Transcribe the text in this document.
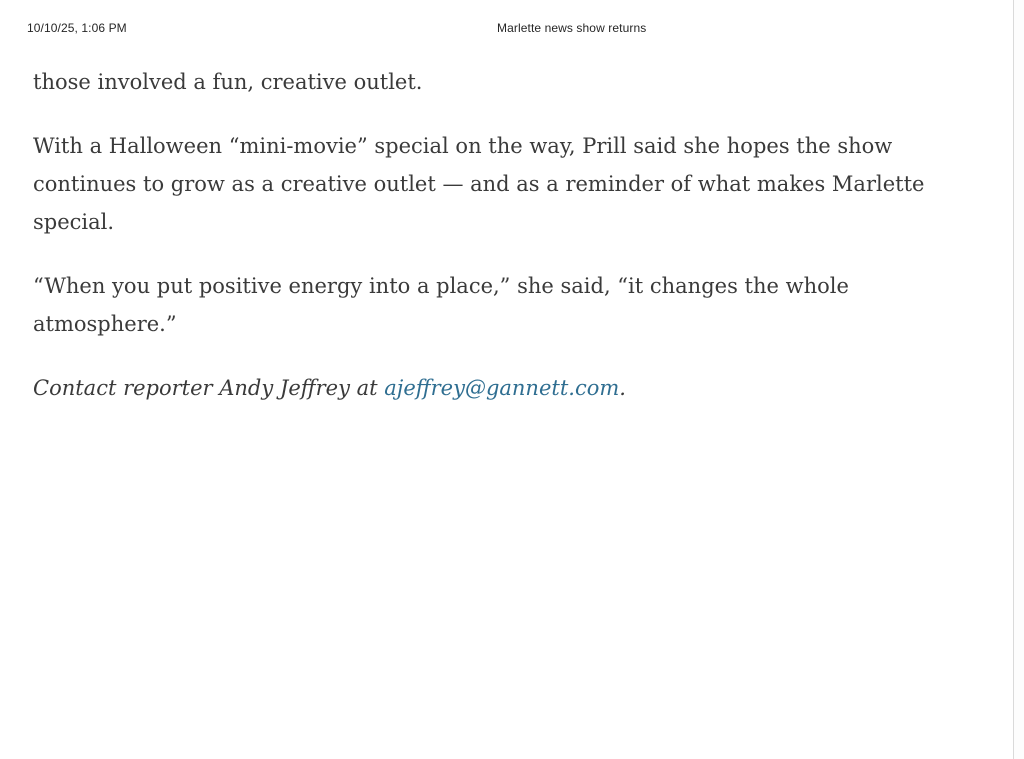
10/10/25, 1:06 PM	Marlette news show returns

those involved a fun, creative outlet.

With a Halloween “mini-movie” special on the way, Prill said she hopes the show continues to grow as a creative outlet — and as a reminder of what makes Marlette special.

“When you put positive energy into a place,” she said, “it changes the whole atmosphere.”

Contact reporter Andy Jeffrey at ajeffrey@gannett.com.
